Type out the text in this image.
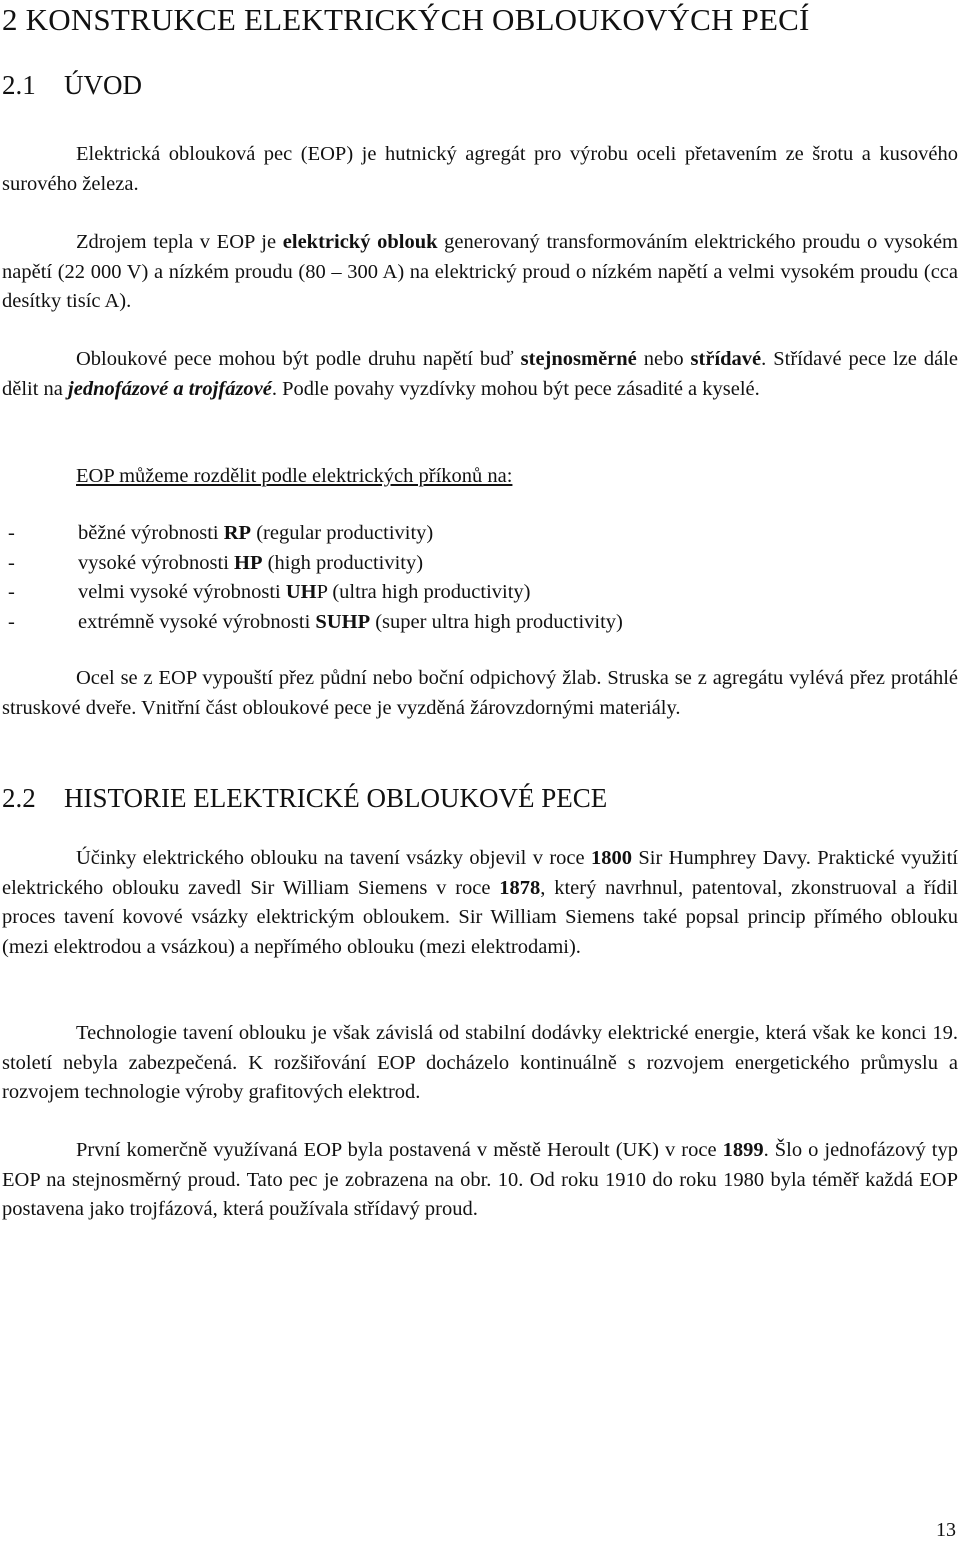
2 KONSTRUKCE ELEKTRICKÝCH OBLOUKOVÝCH PECÍ
2.1 ÚVOD

Elektrická oblouková pec (EOP) je hutnický agregát pro výrobu oceli přetavením ze šrotu a kusového surového železa.

Zdrojem tepla v EOP je elektrický oblouk generovaný transformováním elektrického proudu o vysokém napětí (22 000 V) a nízkém proudu (80 – 300 A) na elektrický proud o nízkém napětí a velmi vysokém proudu (cca desítky tisíc A).

Obloukové pece mohou být podle druhu napětí buď stejnosměrné nebo střídavé. Střídavé pece lze dále dělit na jednofázové a trojfázové. Podle povahy vyzdívky mohou být pece zásadité a kyselé.

EOP můžeme rozdělit podle elektrických příkonů na:

-	běžné výrobnosti RP (regular productivity)
-	vysoké výrobnosti HP (high productivity)
-	velmi vysoké výrobnosti UHP (ultra high productivity)
-	extrémně vysoké výrobnosti SUHP (super ultra high productivity)

Ocel se z EOP vypouští přez půdní nebo boční odpichový žlab. Struska se z agregátu vylévá přez protáhlé struskové dveře. Vnitřní část obloukové pece je vyzděná žárovzdornými materiály.

2.2 HISTORIE ELEKTRICKÉ OBLOUKOVÉ PECE

Účinky elektrického oblouku na tavení vsázky objevil v roce 1800 Sir Humphrey Davy. Praktické využití elektrického oblouku zavedl Sir William Siemens v roce 1878, který navrhnul, patentoval, zkonstruoval a řídil proces tavení kovové vsázky elektrickým obloukem. Sir William Siemens také popsal princip přímého oblouku (mezi elektrodou a vsázkou) a nepřímého oblouku (mezi elektrodami).

Technologie tavení oblouku je však závislá od stabilní dodávky elektrické energie, která však ke konci 19. století nebyla zabezpečená. K rozšiřování EOP docházelo kontinuálně s rozvojem energetického průmyslu a rozvojem technologie výroby grafitových elektrod.

První komerčně využívaná EOP byla postavená v městě Heroult (UK) v roce 1899. Šlo o jednofázový typ EOP na stejnosměrný proud. Tato pec je zobrazena na obr. 10. Od roku 1910 do roku 1980 byla téměř každá EOP postavena jako trojfázová, která používala střídavý proud.

13
